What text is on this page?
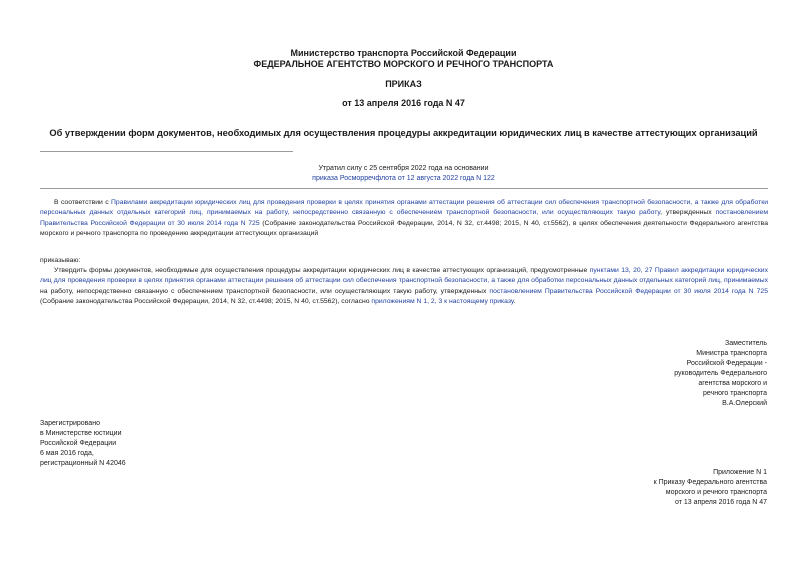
Министерство транспорта Российской Федерации
ФЕДЕРАЛЬНОЕ АГЕНТСТВО МОРСКОГО И РЕЧНОГО ТРАНСПОРТА
ПРИКАЗ
от 13 апреля 2016 года N 47
Об утверждении форм документов, необходимых для осуществления процедуры аккредитации юридических лиц в качестве аттестующих организаций
Утратил силу с 25 сентября 2022 года на основании
приказа Росморречфлота от 12 августа 2022 года N 122
В соответствии с Правилами аккредитации юридических лиц для проведения проверки в целях принятия органами аттестации решения об аттестации сил обеспечения транспортной безопасности, а также для обработки персональных данных отдельных категорий лиц, принимаемых на работу, непосредственно связанную с обеспечением транспортной безопасности, или осуществляющих такую работу, утвержденных постановлением Правительства Российской Федерации от 30 июля 2014 года N 725 (Собрание законодательства Российской Федерации, 2014, N 32, ст.4498; 2015, N 40, ст.5562), в целях обеспечения деятельности Федерального агентства морского и речного транспорта по проведению аккредитации аттестующих организаций
приказываю:
Утвердить формы документов, необходимые для осуществления процедуры аккредитации юридических лиц в качестве аттестующих организаций, предусмотренные пунктами 13, 20, 27 Правил аккредитации юридических лиц для проведения проверки в целях принятия органами аттестации решения об аттестации сил обеспечения транспортной безопасности, а также для обработки персональных данных отдельных категорий лиц, принимаемых на работу, непосредственно связанную с обеспечением транспортной безопасности, или осуществляющих такую работу, утвержденных постановлением Правительства Российской Федерации от 30 июля 2014 года N 725 (Собрание законодательства Российской Федерации, 2014, N 32, ст.4498; 2015, N 40, ст.5562), согласно приложениям N 1, 2, 3 к настоящему приказу.
Заместитель
Министра транспорта
Российской Федерации -
руководитель Федерального
агентства морского и
речного транспорта
В.А.Олерский
Зарегистрировано
в Министерстве юстиции
Российской Федерации
6 мая 2016 года,
регистрационный N 42046
Приложение N 1
к Приказу Федерального агентства
морского и речного транспорта
от 13 апреля 2016 года N 47
